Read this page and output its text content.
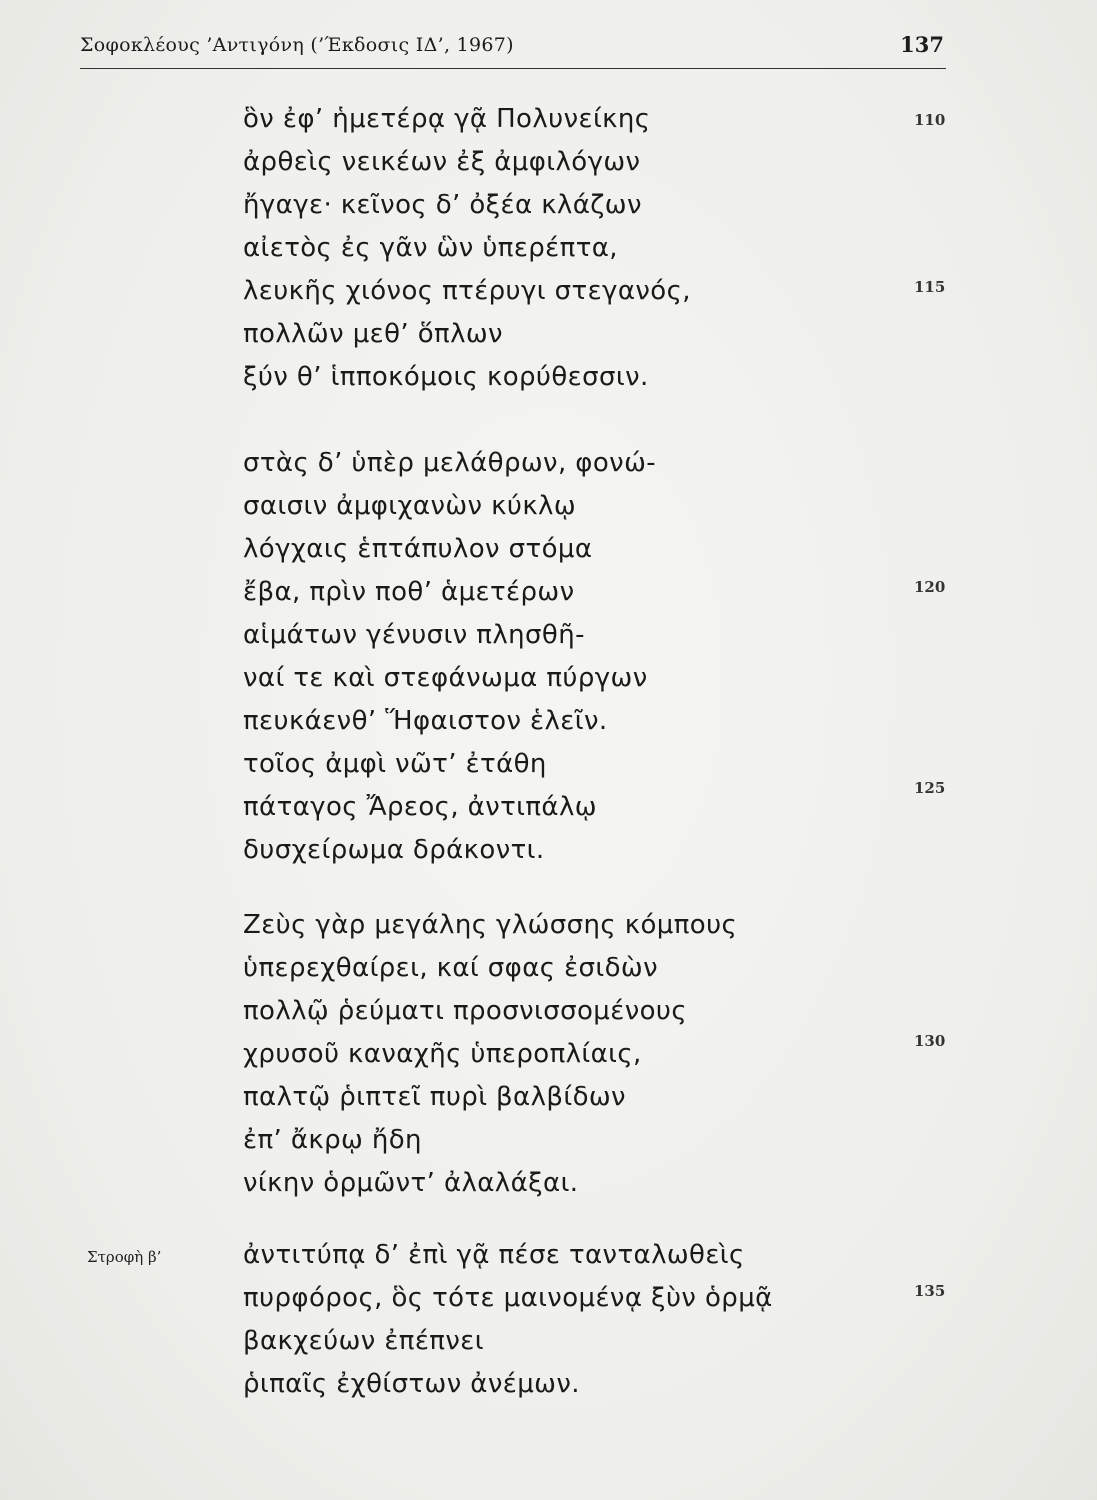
Σοφοκλέους ’Αντιγόνη (’Έκδοσις ΙΔ’, 1967)	137
ὃν ἐφ’ ἡμετέρᾳ γᾷ Πολυνείκης
ἀρθεὶς νεικέων ἐξ ἀμφιλόγων
ἤγαγε· κεῖνος δ’ ὀξέα κλάζων
αἰετὸς ἐς γᾶν ὣν ὑπερέπτα,
λευκῆς χιόνος πτέρυγι στεγανός,
πολλῶν μεθ’ ὅπλων
ξύν θ’ ἱπποκόμοις κορύθεσσιν.
στὰς δ’ ὑπὲρ μελάθρων, φονώ-
σαισιν ἀμφιχανὼν κύκλῳ
λόγχαις ἑπτάπυλον στόμα
ἔβα, πρὶν ποθ’ ἁμετέρων
αἱμάτων γένυσιν πλησθῆ-
ναί τε καὶ στεφάνωμα πύργων
πευκάενθ’ Ἥφαιστον ἑλεῖν.
τοῖος ἀμφὶ νῶτ’ ἐτάθη
πάταγος Ἄρεος, ἀντιπάλῳ
δυσχείρωμα δράκοντι.
Ζεὺς γὰρ μεγάλης γλώσσης κόμπους
ὑπερεχθαίρει, καί σφας ἐσιδὼν
πολλῷ ῥεύματι προσνισσομένους
χρυσοῦ καναχῆς ὑπεροπλίαις,
παλτῷ ῥιπτεῖ πυρὶ βαλβίδων
ἐπ’ ἄκρῳ ἤδη
νίκην ὁρμῶντ’ ἀλαλάξαι.
Στροφὴ β’	ἀντιτύπᾳ δ’ ἐπὶ γᾷ πέσε τανταλωθεὶς
πυρφόρος, ὃς τότε μαινομένᾳ ξὺν ὁρμᾷ
βακχεύων ἐπέπνει
ῥιπαῖς ἐχθίστων ἀνέμων.
110
115
120
125
130
135
